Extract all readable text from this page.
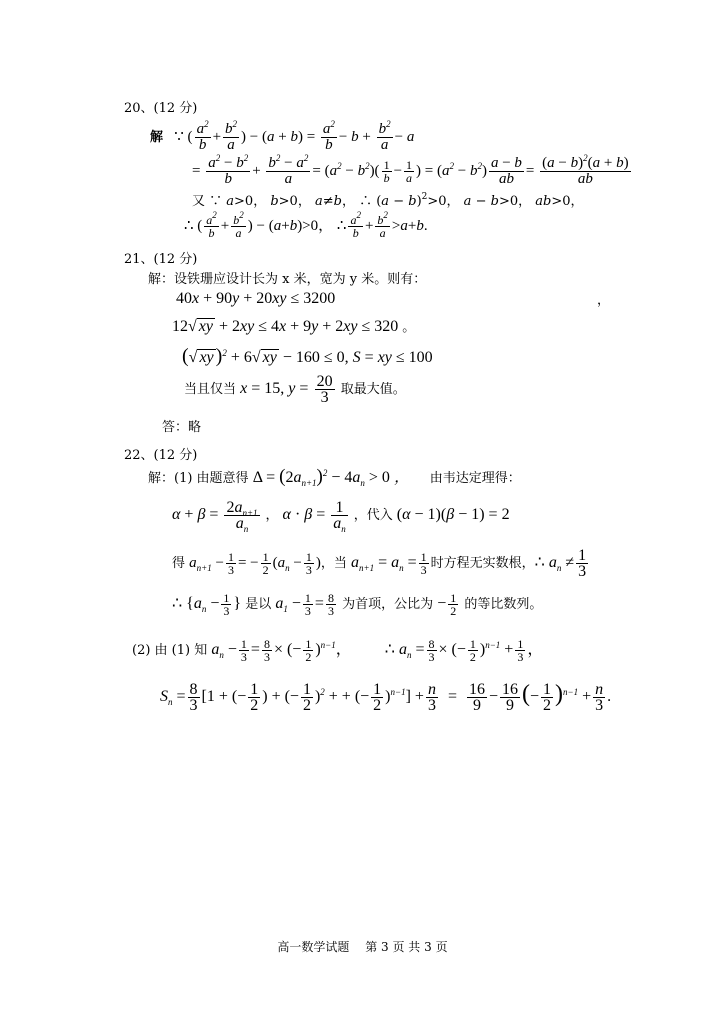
20、(12 分)
解 ∵ ( $\frac{a^2}{b} + \frac{b^2}{a}$ ) − $(a + b) = \frac{a^2}{b} - b + \frac{b^2}{a} - a$
= $\frac{a^2 - b^2}{b} + \frac{b^2 - a^2}{a} = (a^2 - b^2)( \frac{1}{b} - \frac{1}{a}$ ) = $(a^2 - b^2) \frac{a - b}{ab} = \frac{(a - b)^2(a + b)}{ab}$
又 ∵ a>0， b>0， a≠b， ∴ $(a - b)^2>0$， a − b>0， ab>0，
∴ ( $\frac{a^2}{b} + \frac{b^2}{a}$ ) − (a+b)>0， ∴ $\frac{a^2}{b} + \frac{b^2}{a} >a+b$.
21、(12 分)
解：设铁珊应设计长为 x 米，宽为 y 米。则有：
40x + 90y + 20xy ≤ 3200	，
12√ xy + 2xy ≤ 4x + 9y + 2xy ≤ 320 。
(√ xy )$^2$ + 6√ xy − 160 ≤ 0, S = xy ≤ 100
当且仅当 x = 15, $y = \frac{20}{3}$ 取最大值。
答：略
22、(12 分)
解：(1) 由题意得 $\Delta = (2a_{n+1})^2 - 4a_n > 0$ ， 由韦达定理得：
$\alpha + \beta = \frac{2a_{n+1}}{a_n}$ ， $\alpha \cdot \beta = \frac{1}{a_n}$ ，代入 (α − 1)(β − 1) = 2
得 $a_{n+1} - \frac{1}{3}$ = − $\frac{1}{2} (a_n - \frac{1}{3}$ )，当 $a_{n+1} = a_n = \frac{1}{3}$ 时方程无实数根，∴ $a_n \ne \frac{1}{3}$
∴ {$a_n - \frac{1}{3}$ } 是以 $a_1 - \frac{1}{3} = \frac{8}{3}$ 为首项，公比为 − $\frac{1}{2}$ 的等比数列。
(2) 由 (1) 知 $a_n - \frac{1}{3} = \frac{8}{3}$ × (− $\frac{1}{2} )^{n-1}$， ∴ $a_n = \frac{8}{3}$ × (− $\frac{1}{2} )^{n-1} + \frac{1}{3}$ ，
$S_n = \frac{8}{3} [1$ + (− $\frac{1}{2}$ ) + (− $\frac{1}{2} )^2$ + + (− $\frac{1}{2} )^{n-1}] + \frac{n}{3} = \frac{16}{9} - \frac{16}{9}$ (− $\frac{1}{2} )^{n-1} + \frac{n}{3}$ .
高一数学试题　 第 3 页 共 3 页
